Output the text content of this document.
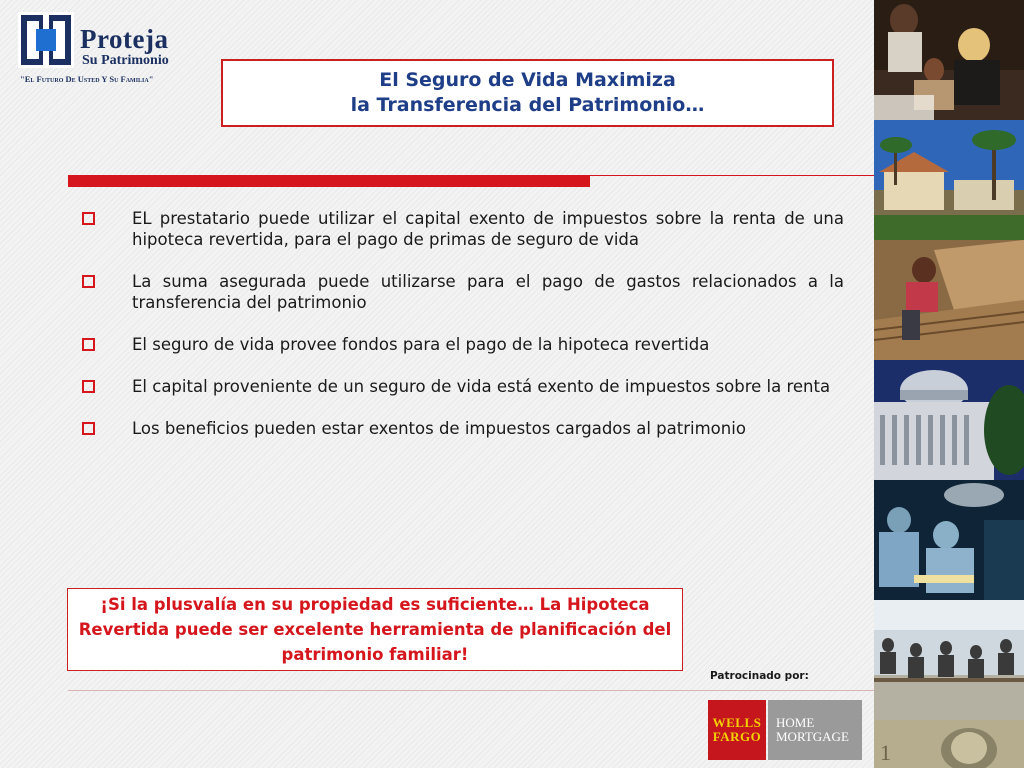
Proteja
Su Patrimonio
"El Futuro De Usted Y Su Familia"	El Seguro de Vida Maximiza
la Transferencia del Patrimonio…
EL prestatario puede utilizar el capital exento de impuestos sobre la renta de una hipoteca revertida, para el pago de primas de seguro de vida
La suma asegurada puede utilizarse para el pago de gastos relacionados a la transferencia del patrimonio
El seguro de vida provee fondos para el pago de la hipoteca revertida
El capital proveniente de un seguro de vida está exento de impuestos sobre la renta
Los beneficios pueden estar exentos de impuestos cargados al patrimonio
¡Si la plusvalía en su propiedad es suficiente… La Hipoteca Revertida puede ser excelente herramienta de planificación del patrimonio familiar!
Patrocinado por:
WELLS
FARGO
HOME
MORTGAGE
1
